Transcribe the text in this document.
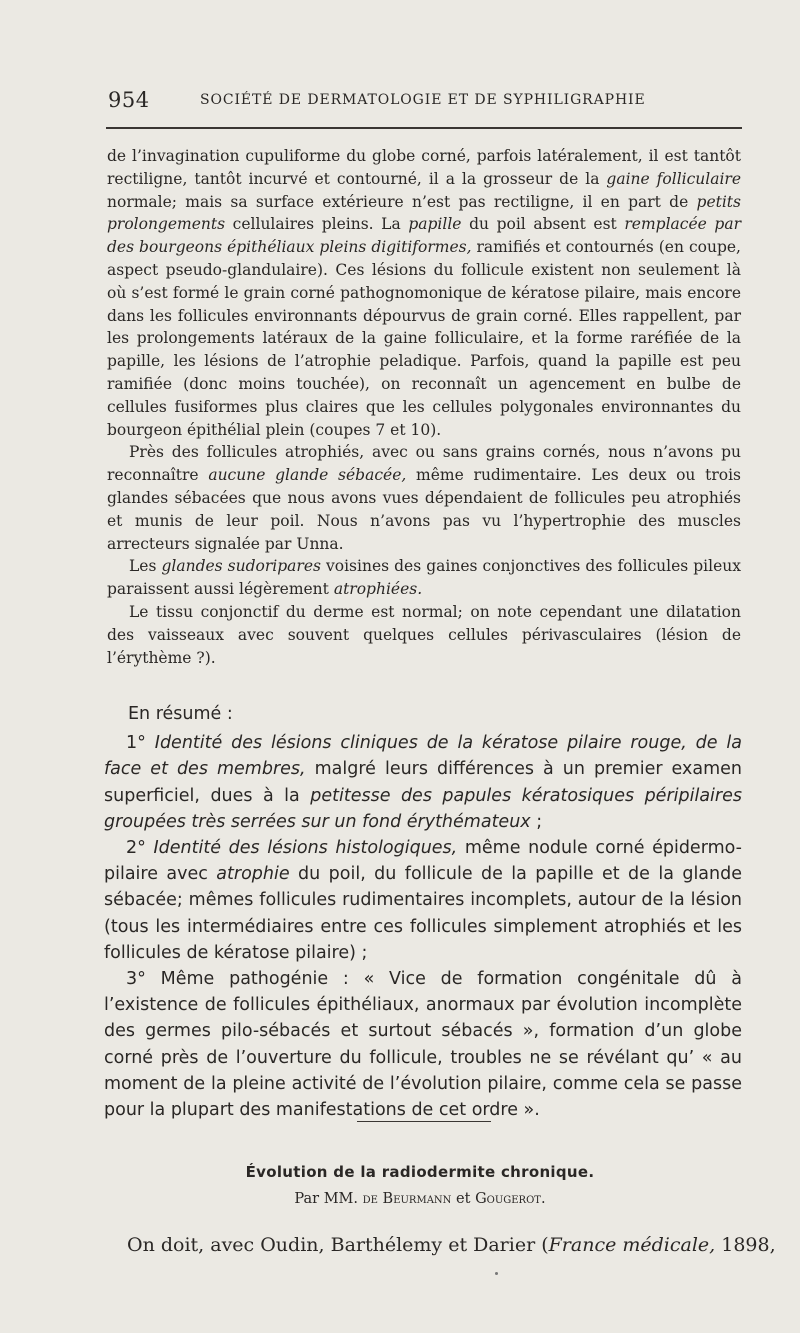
954	SOCIÉTÉ DE DERMATOLOGIE ET DE SYPHILIGRAPHIE

de l’invagination cupuliforme du globe corné, parfois latéralement, il est tantôt rectiligne, tantôt incurvé et contourné, il a la grosseur de la gaine folliculaire normale; mais sa surface extérieure n’est pas rectiligne, il en part de petits prolongements cellulaires pleins. La papille du poil absent est remplacée par des bourgeons épithéliaux pleins digitiformes, ramifiés et contournés (en coupe, aspect pseudo-glandulaire). Ces lésions du follicule existent non seulement là où s’est formé le grain corné pathognomonique de kératose pilaire, mais encore dans les follicules environnants dépourvus de grain corné. Elles rappellent, par les prolongements latéraux de la gaine folliculaire, et la forme raréfiée de la papille, les lésions de l’atrophie peladique. Parfois, quand la papille est peu ramifiée (donc moins touchée), on reconnaît un agencement en bulbe de cellules fusiformes plus claires que les cellules polygonales environnantes du bourgeon épithélial plein (coupes 7 et 10).

Près des follicules atrophiés, avec ou sans grains cornés, nous n’avons pu reconnaître aucune glande sébacée, même rudimentaire. Les deux ou trois glandes sébacées que nous avons vues dépendaient de follicules peu atrophiés et munis de leur poil. Nous n’avons pas vu l’hypertrophie des muscles arrecteurs signalée par Unna.

Les glandes sudoripares voisines des gaines conjonctives des follicules pileux paraissent aussi légèrement atrophiées.

Le tissu conjonctif du derme est normal; on note cependant une dilatation des vaisseaux avec souvent quelques cellules périvasculaires (lésion de l’érythème ?).

En résumé :

1° Identité des lésions cliniques de la kératose pilaire rouge, de la face et des membres, malgré leurs différences à un premier examen superficiel, dues à la petitesse des papules kératosiques péripilaires groupées très serrées sur un fond érythémateux ;

2° Identité des lésions histologiques, même nodule corné épidermo-pilaire avec atrophie du poil, du follicule de la papille et de la glande sébacée; mêmes follicules rudimentaires incomplets, autour de la lésion (tous les intermédiaires entre ces follicules simplement atrophiés et les follicules de kératose pilaire) ;

3° Même pathogénie : « Vice de formation congénitale dû à l’existence de follicules épithéliaux, anormaux par évolution incomplète des germes pilo-sébacés et surtout sébacés », formation d’un globe corné près de l’ouverture du follicule, troubles ne se révélant qu’ « au moment de la pleine activité de l’évolution pilaire, comme cela se passe pour la plupart des manifestations de cet ordre ».

Évolution de la radiodermite chronique.
Par MM. de Beurmann et Gougerot.
On doit, avec Oudin, Barthélemy et Darier (France médicale, 1898,
